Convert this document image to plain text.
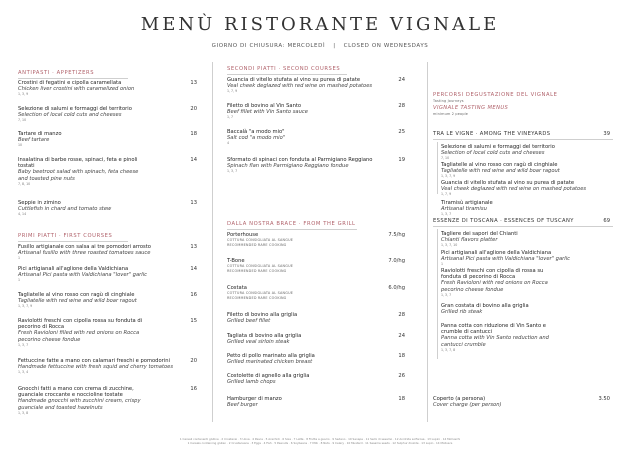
MENÙ RISTORANTE VIGNALE
GIORNO DI CHIUSURA: MERCOLEDÌ | CLOSED ON WEDNESDAYS
ANTIPASTI · APPETIZERS
Crostini di fegatini e cipolla caramellata
Chicken liver crostini with caramelized onion
1, 3, 9
13
Selezione di salumi e formaggi del territorio
Selection of local cold cuts and cheeses
7, 10
20
Tartare di manzo
Beef tartare
10
18
Insalatina di barbe rosse, spinaci, feta e pinoli tostati
Baby beetroot salad with spinach, feta cheese and toasted pine nuts
7, 8, 10
14
Seppie in zimino
Cuttlefish in chard and tomato stew
4, 14
13
PRIMI PIATTI · FIRST COURSES
Fusillo artigianale con salsa ai tre pomodori arrosto
Artisanal fusillo with three roasted tomatoes sauce
1
13
Pici artigianali all'aglione della Valdichiana
Artisanal Pici pasta with Valdichiana "lover" garlic
1
14
Tagliatelle al vino rosso con ragù di cinghiale
Tagliatelle with red wine and wild boar ragout
1, 3, 7, 9
16
Raviolotti freschi con cipolla rossa su fonduta di pecorino di Rocca
Fresh Ravioloni filled with red onions on Rocca pecorino cheese fondue
1, 3, 7
15
Fettuccine fatte a mano con calamari freschi e pomodorini
Handmade fettuccine with fresh squid and cherry tomatoes
1, 3, 4
20
Gnocchi fatti a mano con crema di zucchine, guanciale croccante e noccioline tostate
Handmade gnocchi with zucchini cream, crispy guanciale and toasted hazelnuts
1, 3, 8
16
SECONDI PIATTI · SECOND COURSES
Guancia di vitello stufata al vino su purea di patate
Veal cheek deglazed with red wine on mashed potatoes
1, 7, 9
24
Filetto di bovino al Vin Santo
Beef fillet with Vin Santo sauce
1, 7
28
Baccalà "a modo mio"
Salt cod "a modo mio"
4
25
Sformato di spinaci con fonduta al Parmigiano Reggiano
Spinach flan with Parmigiano Reggiano fondue
1, 3, 7
19
DALLA NOSTRA BRACE · FROM THE GRILL
Porterhouse
COTTURA CONSIGLIATA AL SANGUE
RECOMMENDED RARE COOKING
7.5/hg
T-Bone
COTTURA CONSIGLIATA AL SANGUE
RECOMMENDED RARE COOKING
7.0/hg
Costata
COTTURA CONSIGLIATA AL SANGUE
RECOMMENDED RARE COOKING
6.0/hg
Filetto di bovino alla griglia
Grilled beef fillet
28
Tagliata di bovino alla griglia
Grilled veal sirloin steak
24
Petto di pollo marinato alla griglia
Grilled marinated chicken breast
18
Costolette di agnello alla griglia
Grilled lamb chops
26
Hamburger di manzo
Beef burger
18
PERCORSI DEGUSTAZIONE DEL VIGNALE
Tasting Journeys
VIGNALE TASTING MENUS
minimum 2 people
TRA LE VIGNE · AMONG THE VINEYARDS	39
Selezione di salumi e formaggi del territorio
Selection of local cold cuts and cheeses
7, 10
Tagliatelle al vino rosso con ragù di cinghiale
Tagliatelle with red wine and wild boar ragout
1, 3, 7, 9
Guancia di vitello stufata al vino su purea di patate
Veal cheek deglazed with red wine on mashed potatoes
1, 7, 9
Tiramisù artigianale
Artisanal tiramisu
1, 3, 7
ESSENZE DI TOSCANA · ESSENCES OF TUSCANY	69
Tagliere dei sapori del Chianti
Chianti flavors platter
1, 3, 7, 10
Pici artigianali all'aglione della Valdichiana
Artisanal Pici pasta with Valdichiana "lover" garlic
1
Raviolotti freschi con cipolla di rossa su fonduta di pecorino di Rocca
Fresh Ravioloni with red onions on Rocca pecorino cheese fondue
1, 3, 7
Gran costata di bovino alla griglia
Grilled rib steak
Panna cotta con riduzione di Vin Santo e crumble di cantucci
Panna cotta with Vin Santo reduction and cantucci crumble
1, 3, 7, 8
Coperto (a persona)
Cover charge (per person)
3.50
1 Cereali contenenti glutine · 2 Crostacei · 3 Uova · 4 Pesce · 5 Arachidi · 6 Soia · 7 Latte · 8 Frutta a guscio · 9 Sedano · 10 Senape · 11 Semi di sesamo · 12 Anidride solforosa · 13 Lupini · 14 Molluschi
1 Cereals containing gluten · 2 Crustaceans · 3 Eggs · 4 Fish · 5 Peanuts · 6 Soybeans · 7 Milk · 8 Nuts · 9 Celery · 10 Mustard · 11 Sesame seeds · 12 Sulphur dioxide · 13 Lupin · 14 Molluscs
